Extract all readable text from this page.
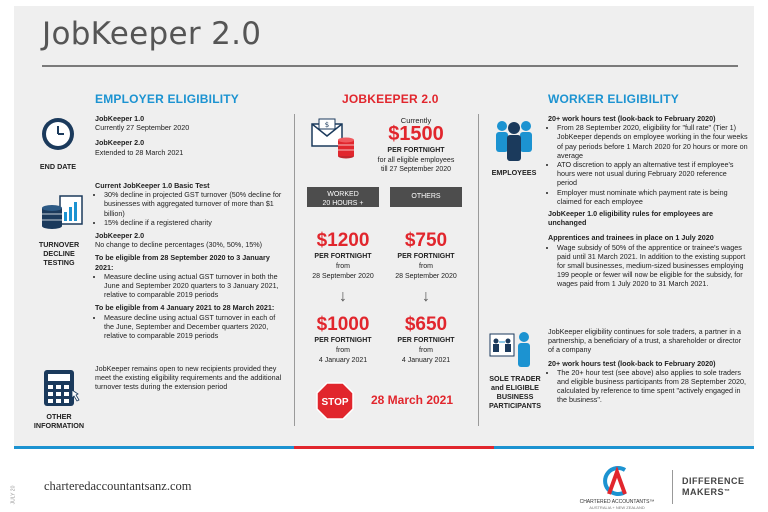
JobKeeper 2.0
EMPLOYER ELIGIBILITY
END DATE
JobKeeper 1.0
Currently 27 September 2020
JobKeeper 2.0
Extended to 28 March 2021
TURNOVER
DECLINE
TESTING
Current JobKeeper 1.0 Basic Test
• 30% decline in projected GST turnover (50% decline for businesses with aggregated turnover of more than $1 billion)
• 15% decline if a registered charity
JobKeeper 2.0
No change to decline percentages (30%, 50%, 15%)
To be eligible from 28 September 2020 to 3 January 2021:
• Measure decline using actual GST turnover in both the June and September 2020 quarters to 3 January 2021, relative to comparable 2019 periods
To be eligible from 4 January 2021 to 28 March 2021:
• Measure decline using actual GST turnover in each of the June, September and December quarters 2020, relative to comparable 2019 periods
OTHER
INFORMATION
JobKeeper remains open to new recipients provided they meet the existing eligibility requirements and the additional turnover tests during the extension period
JOBKEEPER 2.0
$	Currently
$1500
PER FORTNIGHT
for all eligible employees
till 27 September 2020
WORKED
20 HOURS +
OTHERS
$1200	$750
PER FORTNIGHT	PER FORTNIGHT
from	from
28 September 2020	28 September 2020
↓	↓
$1000	$650
PER FORTNIGHT	PER FORTNIGHT
from	from
4 January 2021	4 January 2021
STOP	28 March 2021
WORKER ELIGIBILITY
EMPLOYEES
20+ work hours test (look-back to February 2020)
• From 28 September 2020, eligibility for "full rate" (Tier 1) JobKeeper depends on employee working in the four weeks of pay periods before 1 March 2020 for 20 hours or more on average
• ATO discretion to apply an alternative test if employee's hours were not usual during February 2020 reference period
• Employer must nominate which payment rate is being claimed for each employee
JobKeeper 1.0 eligibility rules for employees are unchanged
Apprentices and trainees in place on 1 July 2020
• Wage subsidy of 50% of the apprentice or trainee's wages paid until 31 March 2021. In addition to the existing support for small businesses, medium-sized businesses employing 199 people or fewer will now be eligible for the subsidy, for wages paid from 1 July 2020 to 31 March 2021.
SOLE TRADER
and ELIGIBLE
BUSINESS
PARTICIPANTS
JobKeeper eligibility continues for sole traders, a partner in a partnership, a beneficiary of a trust, a shareholder or director of a company
20+ work hours test (look-back to February 2020)
• The 20+ hour test (see above) also applies to sole traders and eligible business participants from 28 September 2020, calculated by reference to time spent "actively engaged in the business".
charteredaccountantsanz.com
JULY 20	CHARTERED ACCOUNTANTS™
AUSTRALIA + NEW ZEALAND
DIFFERENCE
MAKERS™
